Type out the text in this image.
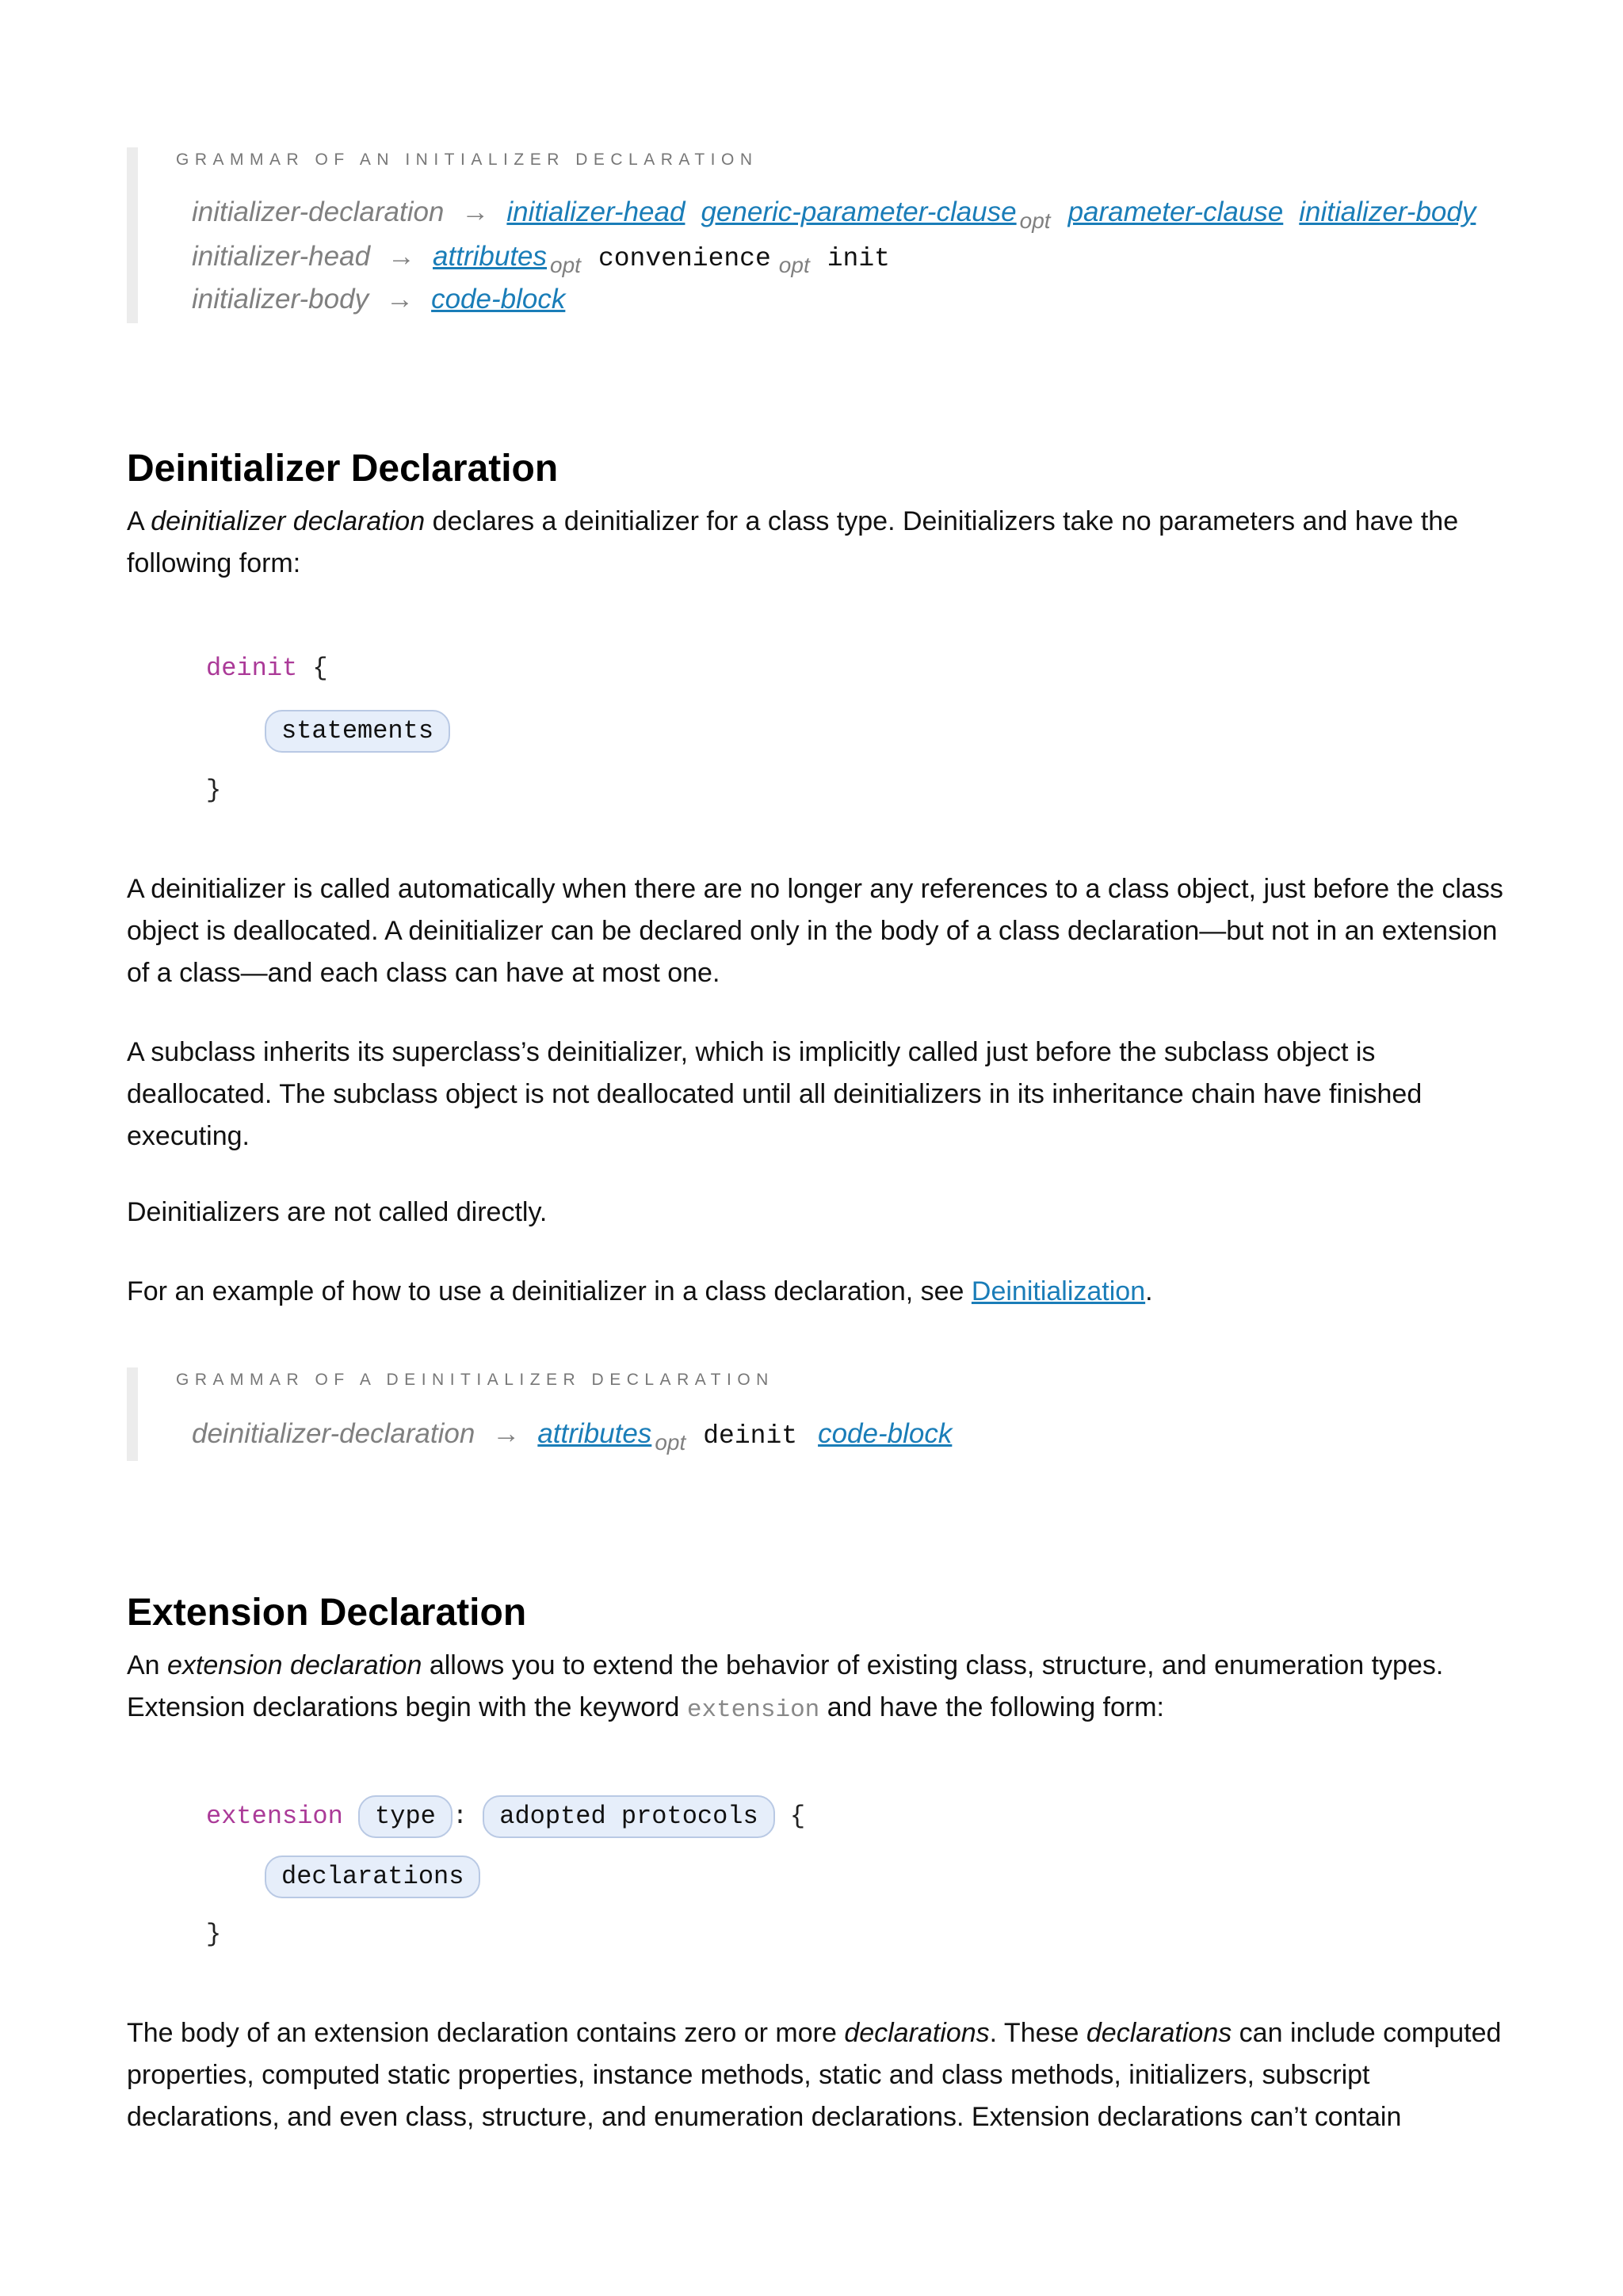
GRAMMAR OF AN INITIALIZER DECLARATION
initializer-declaration → initializer-head generic-parameter-clause $_{opt}$ parameter-clause initializer-body
initializer-head → attributes $_{opt}$ convenience $_{opt}$ init
initializer-body → code-block
Deinitializer Declaration

A deinitializer declaration declares a deinitializer for a class type. Deinitializers take no parameters and have the following form:

deinit {
statements
}

A deinitializer is called automatically when there are no longer any references to a class object, just before the class object is deallocated. A deinitializer can be declared only in the body of a class declaration—but not in an extension of a class—and each class can have at most one.

A subclass inherits its superclass’s deinitializer, which is implicitly called just before the subclass object is deallocated. The subclass object is not deallocated until all deinitializers in its inheritance chain have finished executing.

Deinitializers are not called directly.

For an example of how to use a deinitializer in a class declaration, see Deinitialization.

GRAMMAR OF A DEINITIALIZER DECLARATION
deinitializer-declaration → attributes $_{opt}$ deinit code-block
Extension Declaration

An extension declaration allows you to extend the behavior of existing class, structure, and enumeration types. Extension declarations begin with the keyword extension and have the following form:

extension type : adopted protocols {
declarations
}

The body of an extension declaration contains zero or more declarations. These declarations can include computed properties, computed static properties, instance methods, static and class methods, initializers, subscript declarations, and even class, structure, and enumeration declarations. Extension declarations can’t contain
